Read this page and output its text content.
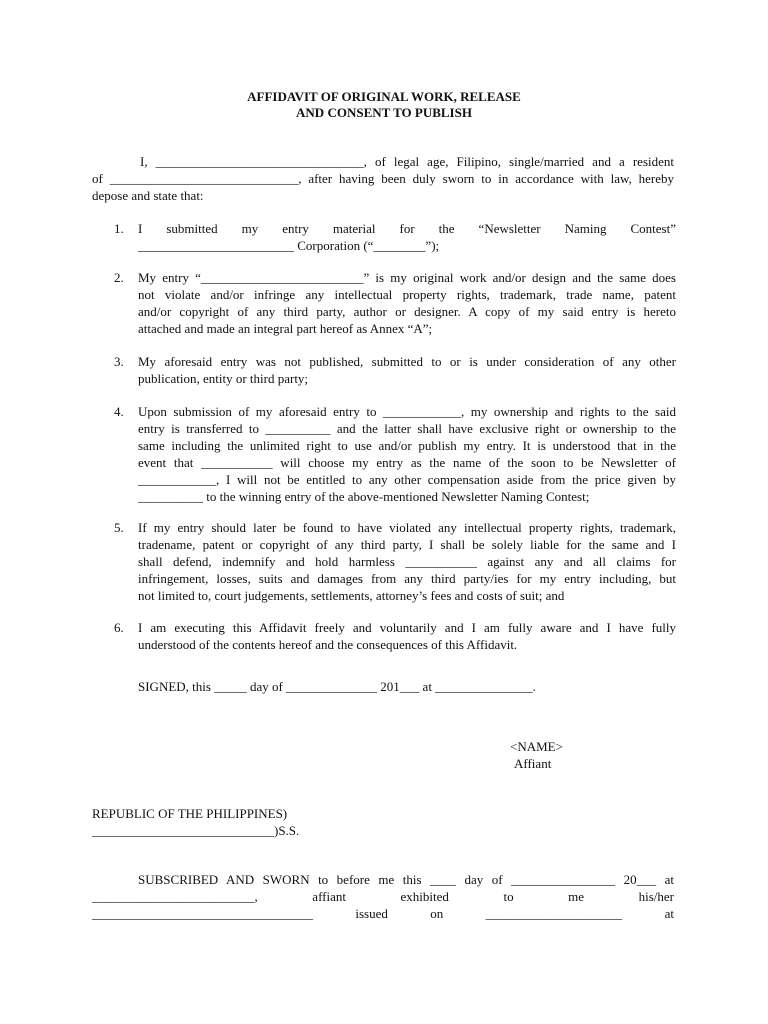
AFFIDAVIT OF ORIGINAL WORK, RELEASE
AND CONSENT TO PUBLISH
I, ________________________________, of legal age, Filipino, single/married and a resident
of _____________________________, after having been duly sworn to in accordance with law, hereby
depose and state that:
1. I submitted my entry material for the “Newsletter Naming Contest”
________________________ Corporation (“________”);
2. My entry “_________________________” is my original work and/or design and the same does
not violate and/or infringe any intellectual property rights, trademark, trade name, patent
and/or copyright of any third party, author or designer. A copy of my said entry is hereto
attached and made an integral part hereof as Annex “A”;
3. My aforesaid entry was not published, submitted to or is under consideration of any other
publication, entity or third party;
4. Upon submission of my aforesaid entry to ____________, my ownership and rights to the said
entry is transferred to __________ and the latter shall have exclusive right or ownership to the
same including the unlimited right to use and/or publish my entry. It is understood that in the
event that ___________ will choose my entry as the name of the soon to be Newsletter of
____________, I will not be entitled to any other compensation aside from the price given by
__________ to the winning entry of the above-mentioned Newsletter Naming Contest;
5. If my entry should later be found to have violated any intellectual property rights, trademark,
tradename, patent or copyright of any third party, I shall be solely liable for the same and I
shall defend, indemnify and hold harmless ___________ against any and all claims for
infringement, losses, suits and damages from any third party/ies for my entry including, but
not limited to, court judgements, settlements, attorney’s fees and costs of suit; and
6. I am executing this Affidavit freely and voluntarily and I am fully aware and I have fully
understood of the contents hereof and the consequences of this Affidavit.
SIGNED, this _____ day of ______________ 201___ at _______________.
<NAME>
Affiant
REPUBLIC OF THE PHILIPPINES)
____________________________)S.S.
SUBSCRIBED AND SWORN to before me this ____ day of ________________ 20___ at
_________________________,	affiant	exhibited	to	me	his/her
__________________________________	issued	on	_____________________	at
